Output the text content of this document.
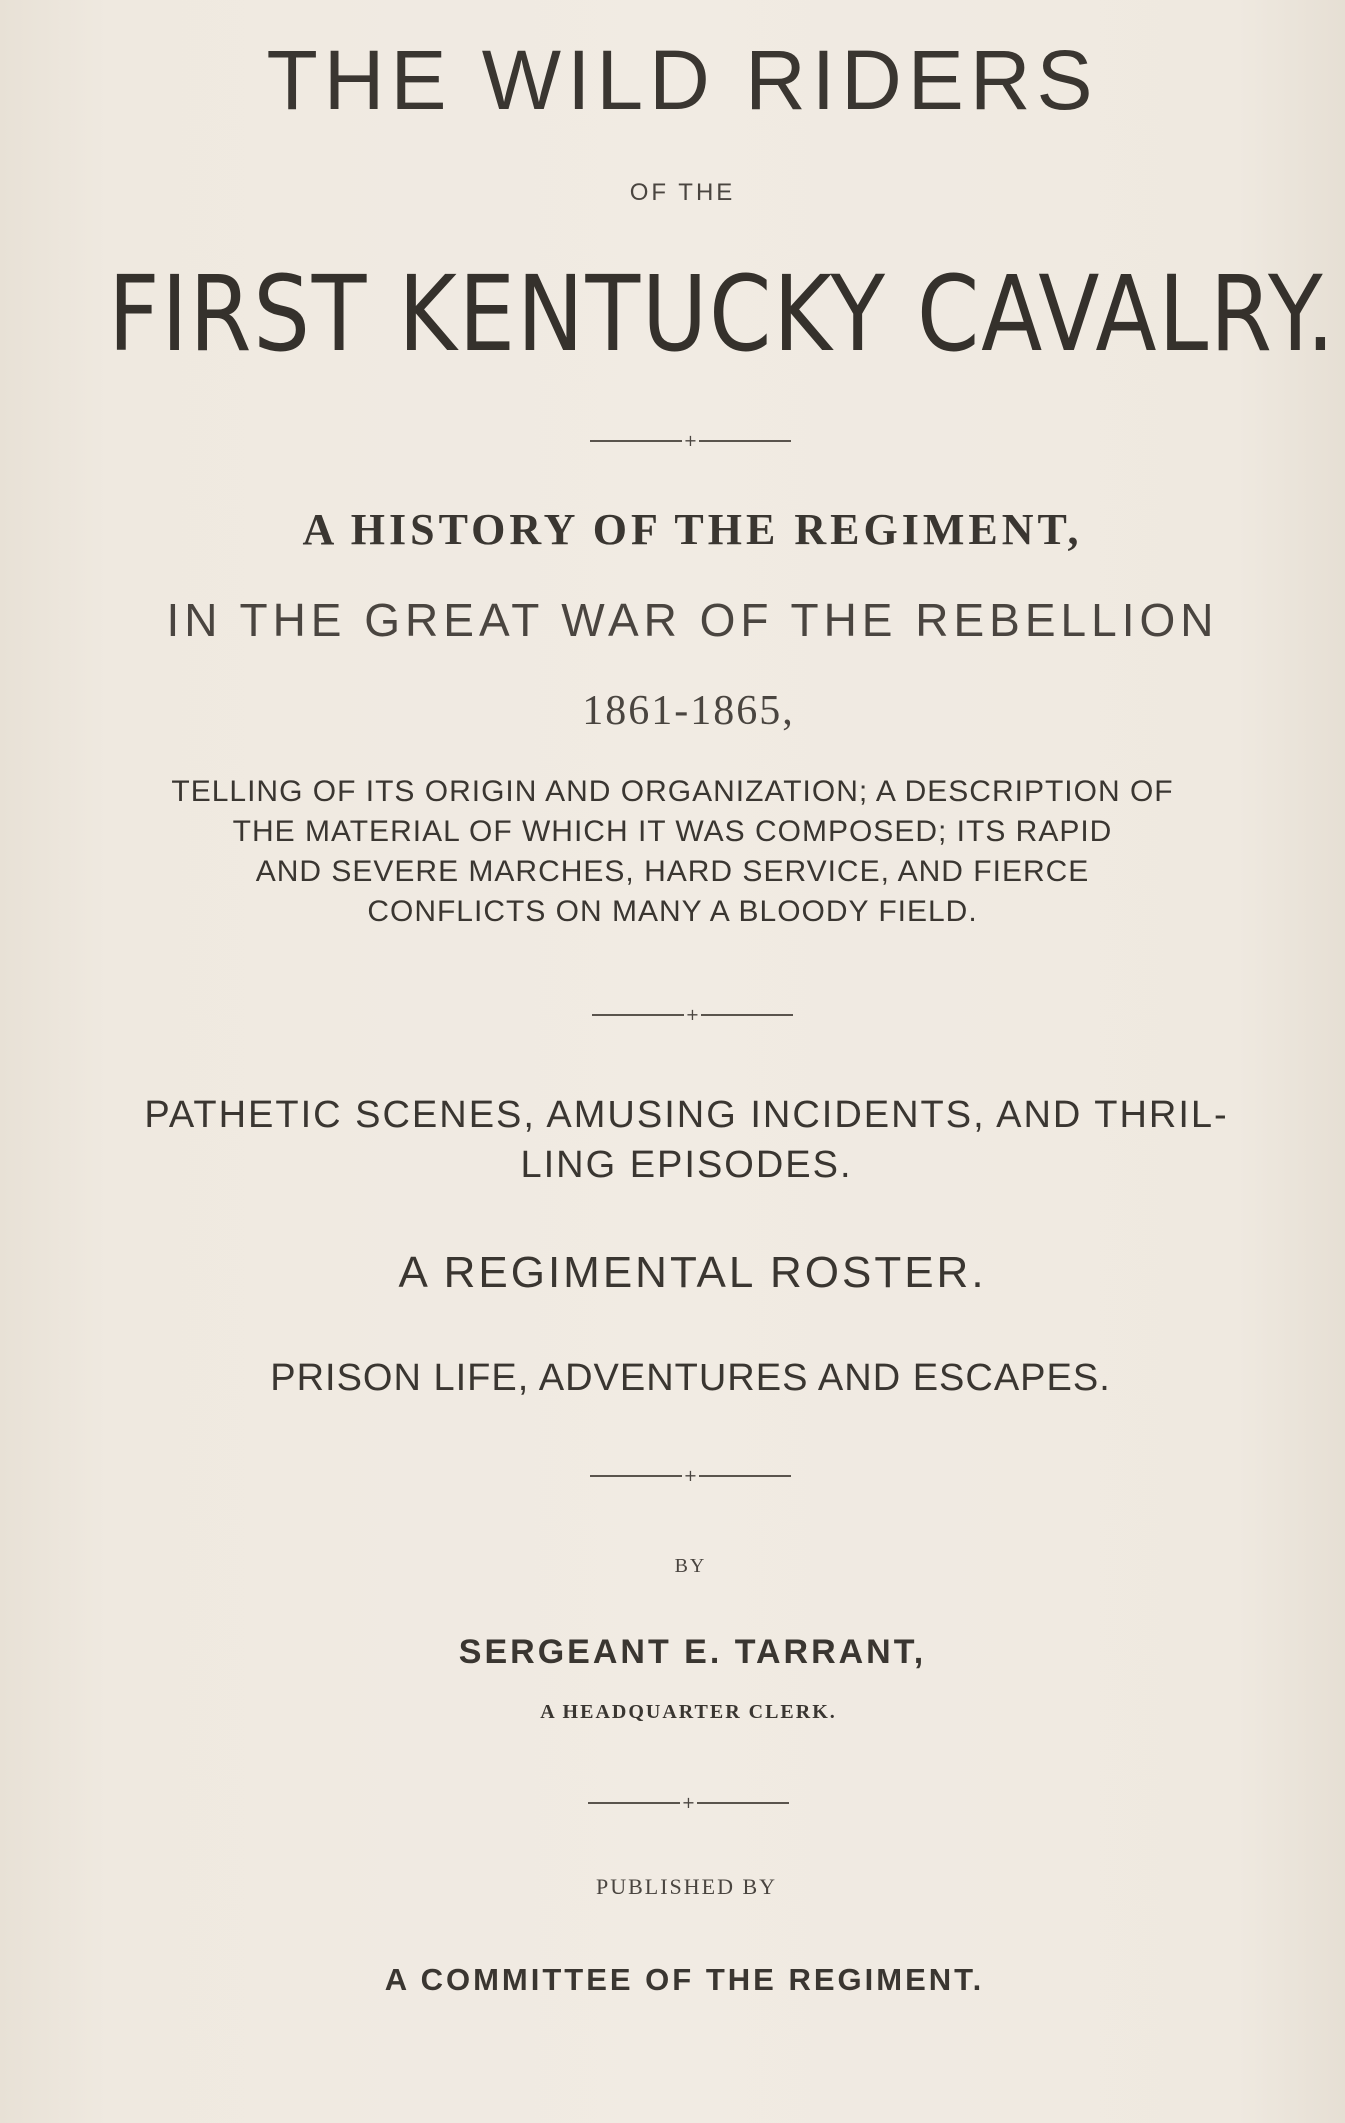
THE WILD RIDERS
OF THE
FIRST KENTUCKY CAVALRY.
+
A HISTORY OF THE REGIMENT,
IN THE GREAT WAR OF THE REBELLION
1861-1865,
TELLING OF ITS ORIGIN AND ORGANIZATION; A DESCRIPTION OF
THE MATERIAL OF WHICH IT WAS COMPOSED; ITS RAPID
AND SEVERE MARCHES, HARD SERVICE, AND FIERCE
CONFLICTS ON MANY A BLOODY FIELD.
+
PATHETIC SCENES, AMUSING INCIDENTS, AND THRIL-
LING EPISODES.
A REGIMENTAL ROSTER.
PRISON LIFE, ADVENTURES AND ESCAPES.
+
BY
SERGEANT E. TARRANT,
A HEADQUARTER CLERK.
+
PUBLISHED BY
A COMMITTEE OF THE REGIMENT.
